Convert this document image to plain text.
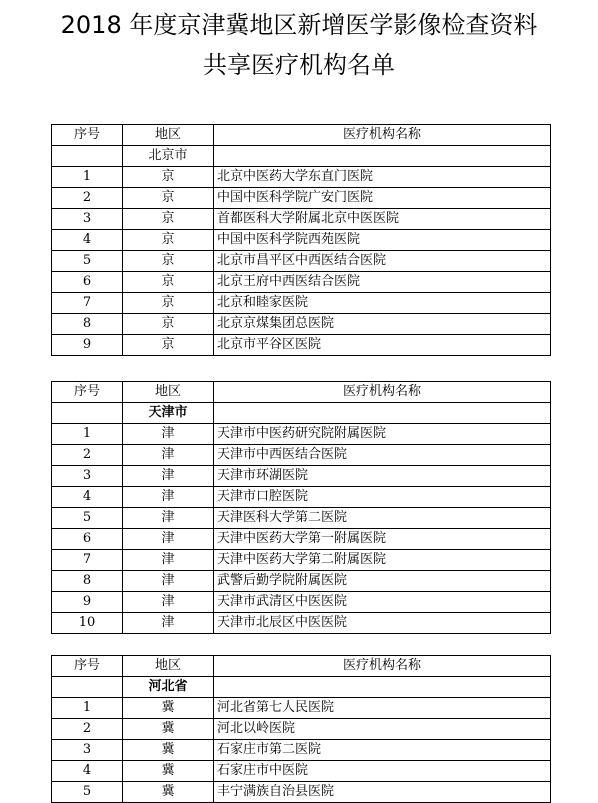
2018 年度京津冀地区新增医学影像检查资料
共享医疗机构名单
序号	地区	医疗机构名称
	北京市	
1	京	北京中医药大学东直门医院
2	京	中国中医科学院广安门医院
3	京	首都医科大学附属北京中医医院
4	京	中国中医科学院西苑医院
5	京	北京市昌平区中西医结合医院
6	京	北京王府中西医结合医院
7	京	北京和睦家医院
8	京	北京京煤集团总医院
9	京	北京市平谷区医院
序号	地区	医疗机构名称
	天津市	
1	津	天津市中医药研究院附属医院
2	津	天津市中西医结合医院
3	津	天津市环湖医院
4	津	天津市口腔医院
5	津	天津医科大学第二医院
6	津	天津中医药大学第一附属医院
7	津	天津中医药大学第二附属医院
8	津	武警后勤学院附属医院
9	津	天津市武清区中医医院
10	津	天津市北辰区中医医院
序号	地区	医疗机构名称
	河北省	
1	冀	河北省第七人民医院
2	冀	河北以岭医院
3	冀	石家庄市第二医院
4	冀	石家庄市中医院
5	冀	丰宁满族自治县医院
